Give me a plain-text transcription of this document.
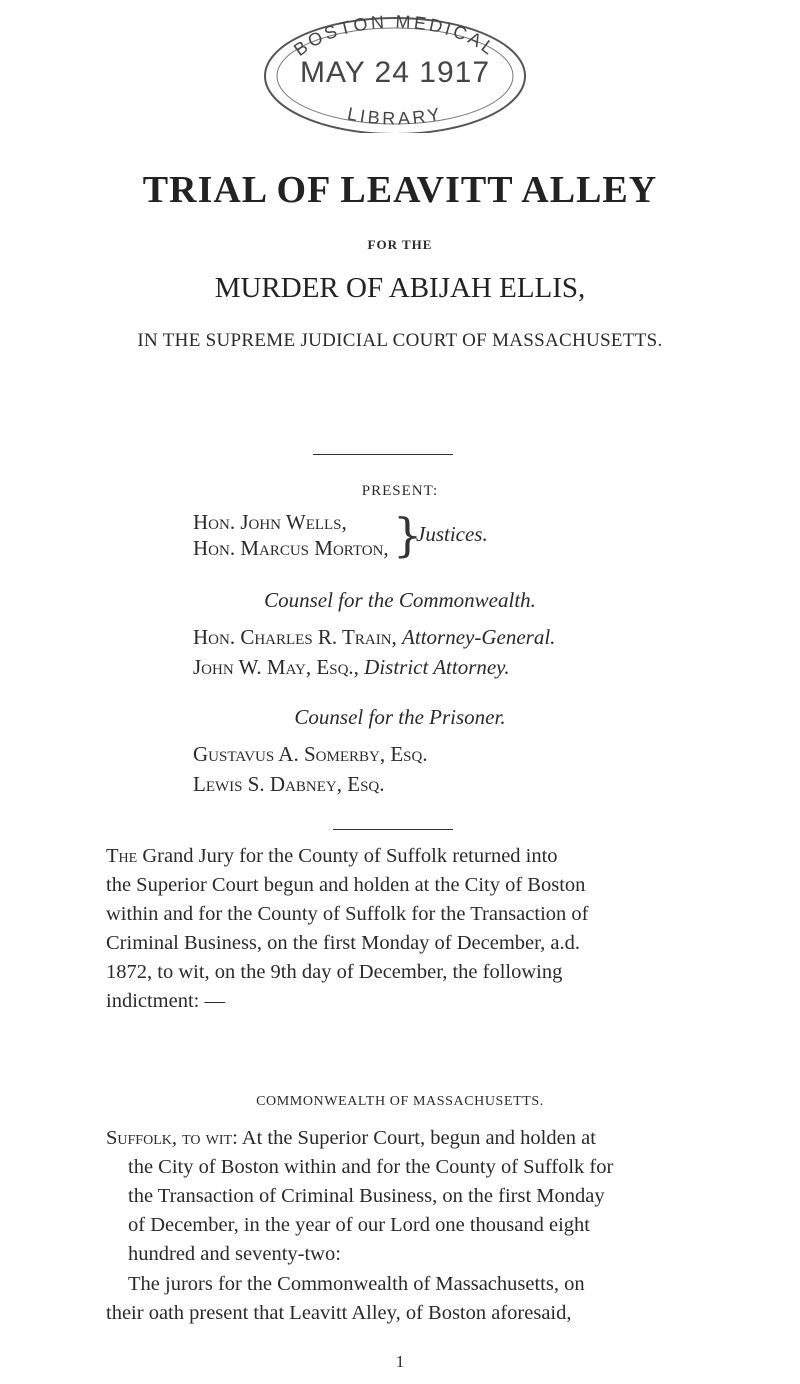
BOSTON MEDICAL
LIBRARY
MAY 24 1917
TRIAL OF LEAVITT ALLEY
FOR THE
MURDER OF ABIJAH ELLIS,
IN THE SUPREME JUDICIAL COURT OF MASSACHUSETTS.
PRESENT:
Hon. John Wells,
Hon. Marcus Morton, }
Justices.
Counsel for the Commonwealth.
Hon. Charles R. Train, Attorney-General.
John W. May, Esq., District Attorney.
Counsel for the Prisoner.
Gustavus A. Somerby, Esq.
Lewis S. Dabney, Esq.
The Grand Jury for the County of Suffolk returned into
the Superior Court begun and holden at the City of Boston
within and for the County of Suffolk for the Transaction of
Criminal Business, on the first Monday of December, a.d.
1872, to wit, on the 9th day of December, the following
indictment: —
COMMONWEALTH OF MASSACHUSETTS.
Suffolk, to wit: At the Superior Court, begun and holden at
the City of Boston within and for the County of Suffolk for
the Transaction of Criminal Business, on the first Monday
of December, in the year of our Lord one thousand eight
hundred and seventy-two:
The jurors for the Commonwealth of Massachusetts, on
their oath present that Leavitt Alley, of Boston aforesaid,
1
